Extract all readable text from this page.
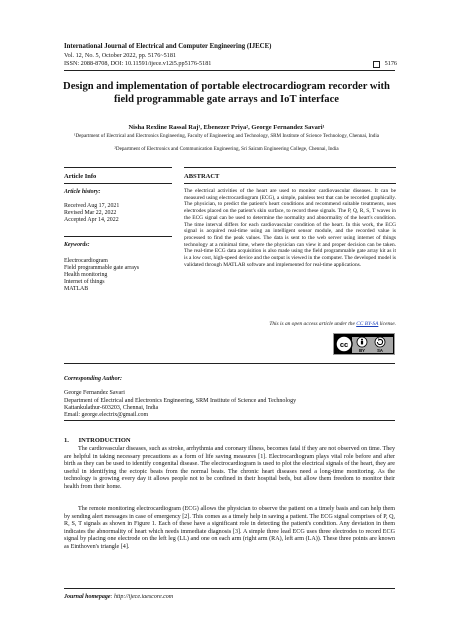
International Journal of Electrical and Computer Engineering (IJECE)
Vol. 12, No. 5, October 2022, pp. 5176~5181
ISSN: 2088-8708, DOI: 10.11591/ijece.v12i5.pp5176-5181	5176
Design and implementation of portable electrocardiogram recorder with field programmable gate arrays and IoT interface
Nisha Rexline Rassal Raj¹, Ebenezer Priya², George Fernandez Savari¹
¹Department of Electrical and Electronics Engineering, Faculty of Engineering and Technology, SRM Institute of Science Technology, Chennai, India
²Department of Electronics and Communication Engineering, Sri Sairam Engineering College, Chennai, India
Article Info	ABSTRACT
Article history:
Received Aug 17, 2021
Revised Mar 22, 2022
Accepted Apr 14, 2022
Keywords:
Electrocardiogram
Field programmable gate arrays
Health monitoring
Internet of things
MATLAB
The electrical activities of the heart are used to monitor cardiovascular diseases. It can be measured using electrocardiogram (ECG), a simple, painless test that can be recorded graphically. The physician, to predict the patient's heart conditions and recommend suitable treatments, uses electrodes placed on the patient's skin surface, to record these signals. The P, Q, R, S, T waves in the ECG signal can be used to determine the normality and abnormality of the heart's condition. The time interval differs for each cardiovascular condition of the heart. In this work, the ECG signal is acquired real-time using an intelligent sensor module, and the recorded value is processed to find the peak values. The data is sent to the web server using internet of things technology at a minimal time, where the physician can view it and proper decision can be taken. The real-time ECG data acquisition is also made using the field programmable gate array kit as it is a low cost, high-speed device and the output is viewed in the computer. The developed model is validated through MATLAB software and implemented for real-time applications.
This is an open access article under the CC BY-SA license.
cc
BY	SA
Corresponding Author:
George Fernandez Savari
Department of Electrical and Electronics Engineering, SRM Institute of Science and Technology
Kattankulathur-603203, Chennai, India
Email: george.electrix@gmail.com
1.      INTRODUCTION
The cardiovascular diseases, such as stroke, arrhythmia and coronary illness, becomes fatal if they are not observed on time. They are helpful in taking necessary precautions as a form of life saving measures [1]. Electrocardiogram plays vital role before and after birth as they can be used to identify congenital disease. The electrocardiogram is used to plot the electrical signals of the heart, they are useful in identifying the ectopic beats from the normal beats. The chronic heart diseases need a long-time monitoring. As the technology is growing every day it allows people not to be confined in their hospital beds, but allow them freedom to monitor their health from their home.
The remote monitoring electrocardiogram (ECG) allows the physician to observe the patient on a timely basis and can help them by sending alert messages in case of emergency [2]. This comes as a timely help in saving a patient. The ECG signal comprises of P, Q, R, S, T signals as shown in Figure 1. Each of these have a significant role in detecting the patient's condition. Any deviation in them indicates the abnormality of heart which needs immediate diagnosis [3]. A simple three lead ECG uses three electrodes to record ECG signal by placing one electrode on the left leg (LL) and one on each arm (right arm (RA), left arm (LA)). These three points are known as Einthoven's triangle [4].
Journal homepage: http://ijece.iaescore.com
